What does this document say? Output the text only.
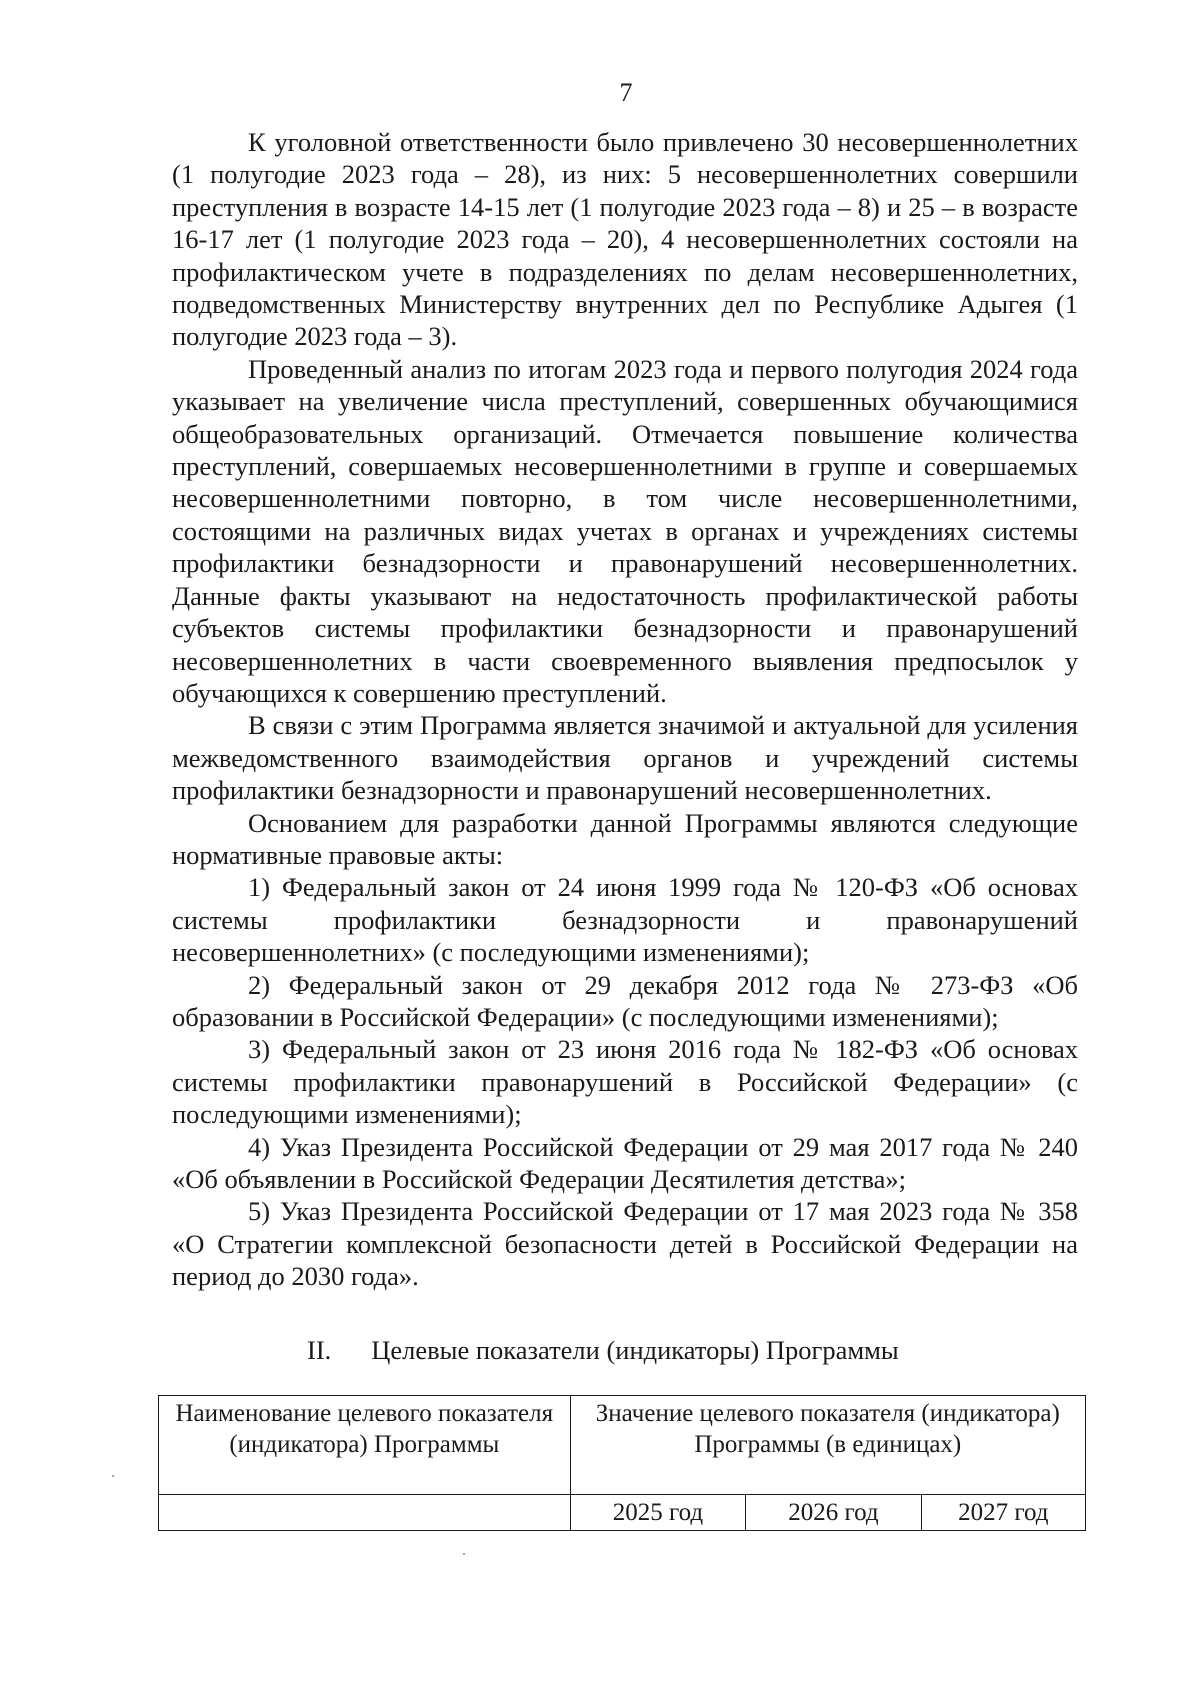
7

К уголовной ответственности было привлечено 30 несовершеннолетних (1 полугодие 2023 года – 28), из них: 5 несовершеннолетних совершили преступления в возрасте 14-15 лет (1 полугодие 2023 года – 8) и 25 – в возрасте 16-17 лет (1 полугодие 2023 года – 20), 4 несовершеннолетних состояли на профилактическом учете в подразделениях по делам несовершеннолетних, подведомственных Министерству внутренних дел по Республике Адыгея (1 полугодие 2023 года – 3).

Проведенный анализ по итогам 2023 года и первого полугодия 2024 года указывает на увеличение числа преступлений, совершенных обучающимися общеобразовательных организаций. Отмечается повышение количества преступлений, совершаемых несовершеннолетними в группе и совершаемых несовершеннолетними повторно, в том числе несовершеннолетними, состоящими на различных видах учетах в органах и учреждениях системы профилактики безнадзорности и правонарушений несовершеннолетних. Данные факты указывают на недостаточность профилактической работы субъектов системы профилактики безнадзорности и правонарушений несовершеннолетних в части своевременного выявления предпосылок у обучающихся к совершению преступлений.

В связи с этим Программа является значимой и актуальной для усиления межведомственного взаимодействия органов и учреждений системы профилактики безнадзорности и правонарушений несовершеннолетних.

Основанием для разработки данной Программы являются следующие нормативные правовые акты:

1) Федеральный закон от 24 июня 1999 года № 120-ФЗ «Об основах системы профилактики безнадзорности и правонарушений несовершеннолетних» (с последующими изменениями);

2) Федеральный закон от 29 декабря 2012 года № 273-ФЗ «Об образовании в Российской Федерации» (с последующими изменениями);

3) Федеральный закон от 23 июня 2016 года № 182-ФЗ «Об основах системы профилактики правонарушений в Российской Федерации» (с последующими изменениями);

4) Указ Президента Российской Федерации от 29 мая 2017 года № 240 «Об объявлении в Российской Федерации Десятилетия детства»;

5) Указ Президента Российской Федерации от 17 мая 2023 года № 358 «О Стратегии комплексной безопасности детей в Российской Федерации на период до 2030 года».

II. Целевые показатели (индикаторы) Программы
Наименование целевого показателя (индикатора) Программы	Значение целевого показателя (индикатора) Программы (в единицах)		
	2025 год	2026 год	2027 год
